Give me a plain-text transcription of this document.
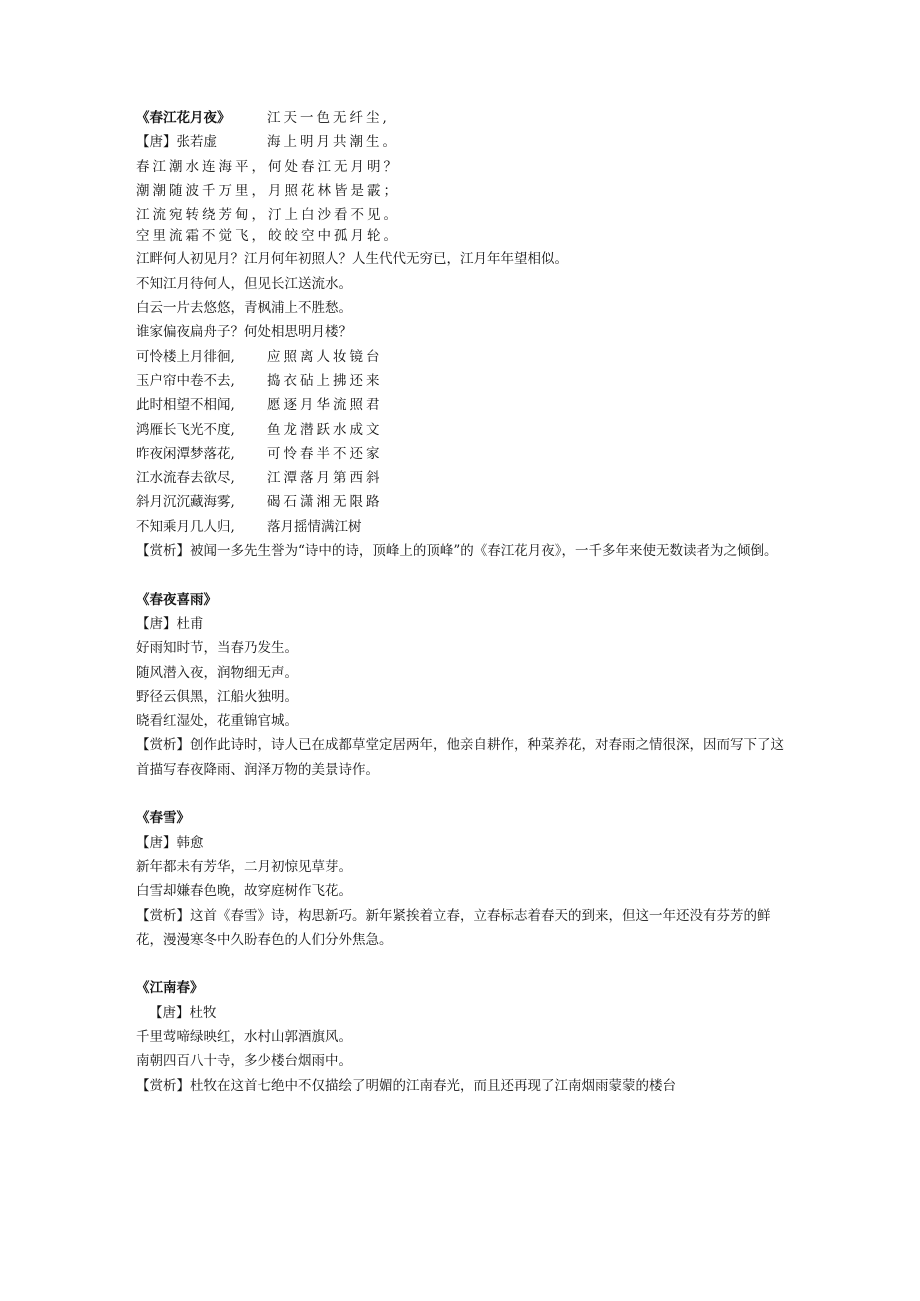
《春江花月夜》	江天一色无纤尘,
【唐】张若虚	海上明月共潮生。
春江潮水连海平，何处春江无月明？
潮潮随波千万里，月照花林皆是霰；
江流宛转绕芳甸，汀上白沙看不见。
空里流霜不觉飞，皎皎空中孤月轮。
江畔何人初见月？江月何年初照人？人生代代无穷已，江月年年望相似。
不知江月待何人，但见长江送流水。
白云一片去悠悠，青枫浦上不胜愁。
谁家偏夜扁舟子？何处相思明月楼？
可怜楼上月徘徊, 应照离人妆镜台
玉户帘中卷不去, 捣衣砧上拂还来
此时相望不相闻, 愿逐月华流照君
鸿雁长飞光不度, 鱼龙潜跃水成文
昨夜闲潭梦落花, 可怜春半不还家
江水流春去欲尽, 江潭落月第西斜
斜月沉沉藏海雾, 碣石潇湘无限路
不知乘月几人归, 落月摇情满江树
【赏析】被闻一多先生誉为“诗中的诗，顶峰上的顶峰”的《春江花月夜》，一千多年来使无数读者为之倾倒。
《春夜喜雨》
【唐】杜甫
好雨知时节，当春乃发生。
随风潜入夜，润物细无声。
野径云俱黑，江船火独明。
晓看红湿处，花重锦官城。
【赏析】创作此诗时，诗人已在成都草堂定居两年，他亲自耕作，种菜养花，对春雨之情很深，因而写下了这首描写春夜降雨、润泽万物的美景诗作。
《春雪》
【唐】韩愈
新年都未有芳华，二月初惊见草芽。
白雪却嫌春色晚，故穿庭树作飞花。
【赏析】这首《春雪》诗，构思新巧。新年紧挨着立春，立春标志着春天的到来，但这一年还没有芬芳的鲜花，漫漫寒冬中久盼春色的人们分外焦急。
《江南春》
【唐】杜牧
千里莺啼绿映红，水村山郭酒旗风。
南朝四百八十寺，多少楼台烟雨中。
【赏析】杜牧在这首七绝中不仅描绘了明媚的江南春光，而且还再现了江南烟雨蒙蒙的楼台
